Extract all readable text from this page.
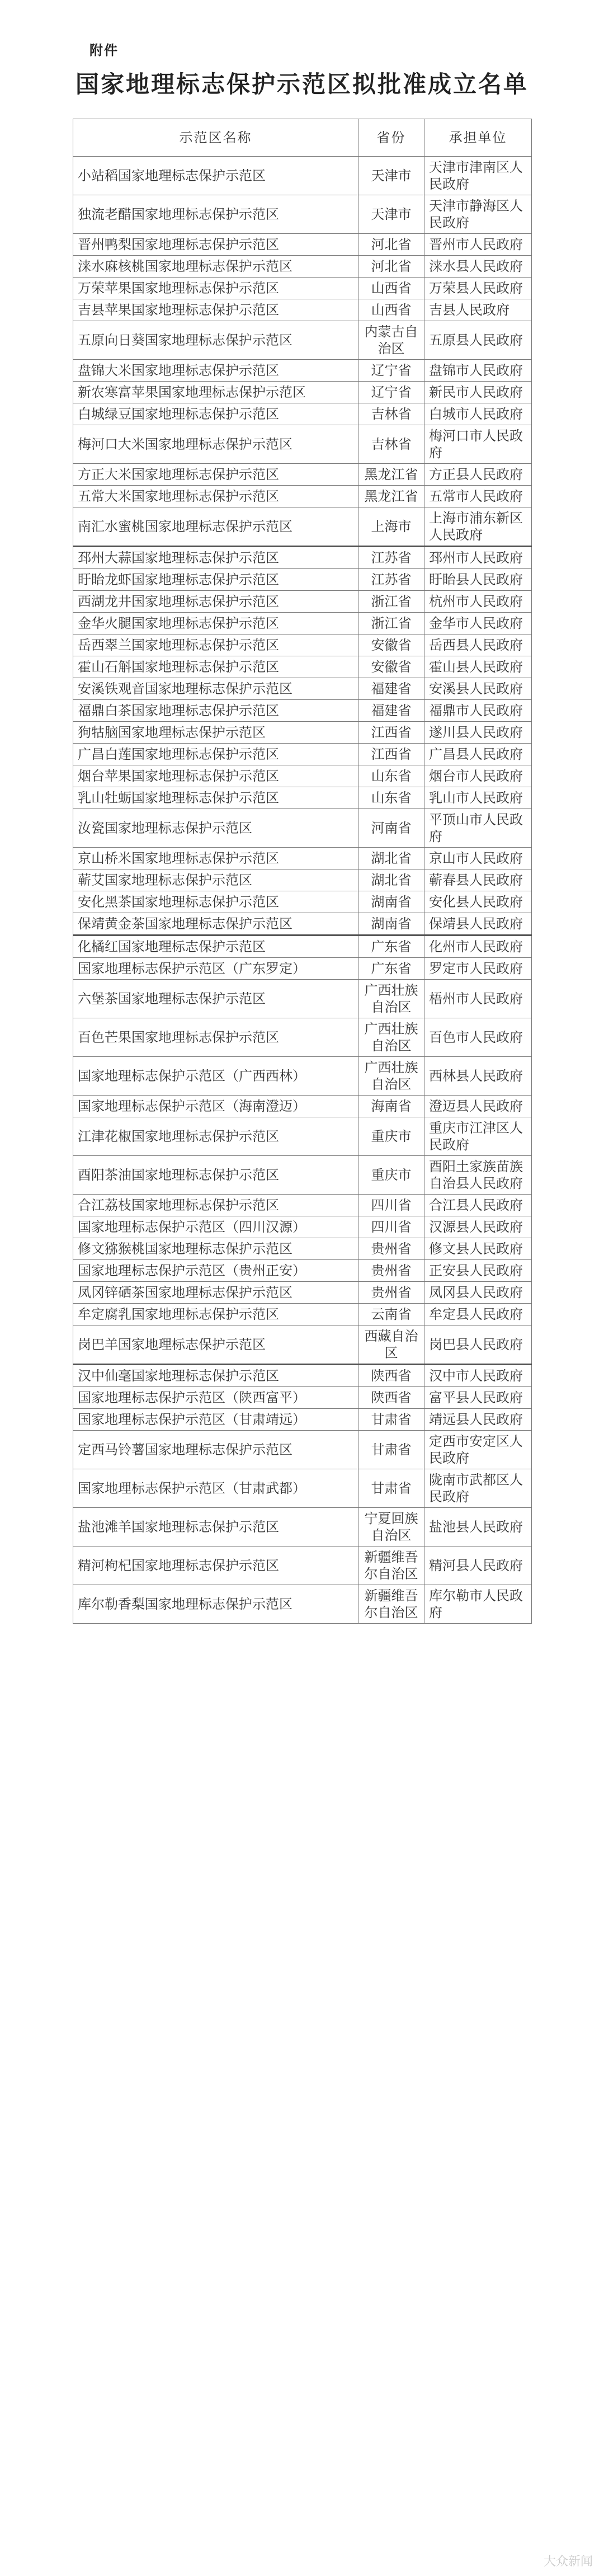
附件
国家地理标志保护示范区拟批准成立名单
示范区名称	省份	承担单位
小站稻国家地理标志保护示范区	天津市	天津市津南区人民政府
独流老醋国家地理标志保护示范区	天津市	天津市静海区人民政府
晋州鸭梨国家地理标志保护示范区	河北省	晋州市人民政府
涞水麻核桃国家地理标志保护示范区	河北省	涞水县人民政府
万荣苹果国家地理标志保护示范区	山西省	万荣县人民政府
吉县苹果国家地理标志保护示范区	山西省	吉县人民政府
五原向日葵国家地理标志保护示范区	内蒙古自治区	五原县人民政府
盘锦大米国家地理标志保护示范区	辽宁省	盘锦市人民政府
新农寒富苹果国家地理标志保护示范区	辽宁省	新民市人民政府
白城绿豆国家地理标志保护示范区	吉林省	白城市人民政府
梅河口大米国家地理标志保护示范区	吉林省	梅河口市人民政府
方正大米国家地理标志保护示范区	黑龙江省	方正县人民政府
五常大米国家地理标志保护示范区	黑龙江省	五常市人民政府
南汇水蜜桃国家地理标志保护示范区	上海市	上海市浦东新区人民政府
邳州大蒜国家地理标志保护示范区	江苏省	邳州市人民政府
盱眙龙虾国家地理标志保护示范区	江苏省	盱眙县人民政府
西湖龙井国家地理标志保护示范区	浙江省	杭州市人民政府
金华火腿国家地理标志保护示范区	浙江省	金华市人民政府
岳西翠兰国家地理标志保护示范区	安徽省	岳西县人民政府
霍山石斛国家地理标志保护示范区	安徽省	霍山县人民政府
安溪铁观音国家地理标志保护示范区	福建省	安溪县人民政府
福鼎白茶国家地理标志保护示范区	福建省	福鼎市人民政府
狗牯脑国家地理标志保护示范区	江西省	遂川县人民政府
广昌白莲国家地理标志保护示范区	江西省	广昌县人民政府
烟台苹果国家地理标志保护示范区	山东省	烟台市人民政府
乳山牡蛎国家地理标志保护示范区	山东省	乳山市人民政府
汝瓷国家地理标志保护示范区	河南省	平顶山市人民政府
京山桥米国家地理标志保护示范区	湖北省	京山市人民政府
蕲艾国家地理标志保护示范区	湖北省	蕲春县人民政府
安化黑茶国家地理标志保护示范区	湖南省	安化县人民政府
保靖黄金茶国家地理标志保护示范区	湖南省	保靖县人民政府
化橘红国家地理标志保护示范区	广东省	化州市人民政府
国家地理标志保护示范区（广东罗定）	广东省	罗定市人民政府
六堡茶国家地理标志保护示范区	广西壮族自治区	梧州市人民政府
百色芒果国家地理标志保护示范区	广西壮族自治区	百色市人民政府
国家地理标志保护示范区（广西西林）	广西壮族自治区	西林县人民政府
国家地理标志保护示范区（海南澄迈）	海南省	澄迈县人民政府
江津花椒国家地理标志保护示范区	重庆市	重庆市江津区人民政府
酉阳茶油国家地理标志保护示范区	重庆市	酉阳土家族苗族自治县人民政府
合江荔枝国家地理标志保护示范区	四川省	合江县人民政府
国家地理标志保护示范区（四川汉源）	四川省	汉源县人民政府
修文猕猴桃国家地理标志保护示范区	贵州省	修文县人民政府
国家地理标志保护示范区（贵州正安）	贵州省	正安县人民政府
凤冈锌硒茶国家地理标志保护示范区	贵州省	凤冈县人民政府
牟定腐乳国家地理标志保护示范区	云南省	牟定县人民政府
岗巴羊国家地理标志保护示范区	西藏自治区	岗巴县人民政府
汉中仙毫国家地理标志保护示范区	陕西省	汉中市人民政府
国家地理标志保护示范区（陕西富平）	陕西省	富平县人民政府
国家地理标志保护示范区（甘肃靖远）	甘肃省	靖远县人民政府
定西马铃薯国家地理标志保护示范区	甘肃省	定西市安定区人民政府
国家地理标志保护示范区（甘肃武都）	甘肃省	陇南市武都区人民政府
盐池滩羊国家地理标志保护示范区	宁夏回族自治区	盐池县人民政府
精河枸杞国家地理标志保护示范区	新疆维吾尔自治区	精河县人民政府
库尔勒香梨国家地理标志保护示范区	新疆维吾尔自治区	库尔勒市人民政府
大众新闻
